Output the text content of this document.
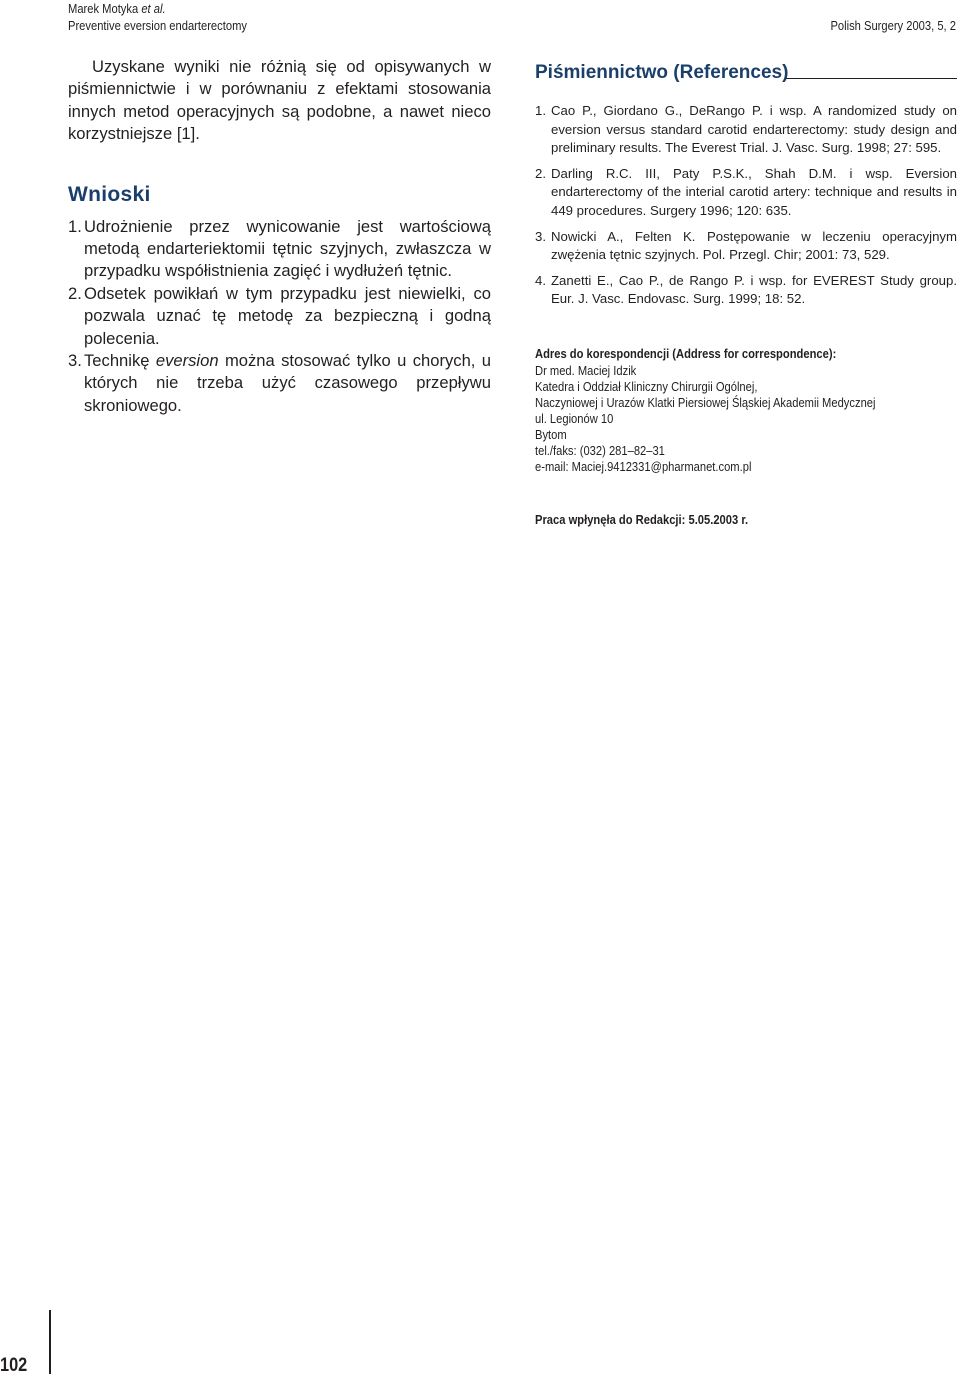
Marek Motyka et al.
Preventive eversion endarterectomy	Polish Surgery 2003, 5, 2

Uzyskane wyniki nie różnią się od opisywanych w piśmiennictwie i w porównaniu z efektami stosowania innych metod operacyjnych są podobne, a nawet nieco korzystniejsze [1].

Wnioski
1. Udrożnienie przez wynicowanie jest wartościową metodą endarteriektomii tętnic szyjnych, zwłaszcza w przypadku współistnienia zagięć i wydłużeń tętnic.
2. Odsetek powikłań w tym przypadku jest niewielki, co pozwala uznać tę metodę za bezpieczną i godną polecenia.
3. Technikę eversion można stosować tylko u chorych, u których nie trzeba użyć czasowego przepływu skroniowego.
Piśmiennictwo (References)
1. Cao P., Giordano G., DeRango P. i wsp. A randomized study on eversion versus standard carotid endarterectomy: study design and preliminary results. The Everest Trial. J. Vasc. Surg. 1998; 27: 595.
2. Darling R.C. III, Paty P.S.K., Shah D.M. i wsp. Eversion endarterectomy of the interial carotid artery: technique and results in 449 procedures. Surgery 1996; 120: 635.
3. Nowicki A., Felten K. Postępowanie w leczeniu operacyjnym zwężenia tętnic szyjnych. Pol. Przegl. Chir; 2001: 73, 529.
4. Zanetti E., Cao P., de Rango P. i wsp. for EVEREST Study group. Eur. J. Vasc. Endovasc. Surg. 1999; 18: 52.
Adres do korespondencji (Address for correspondence):
Dr med. Maciej Idzik
Katedra i Oddział Kliniczny Chirurgii Ogólnej,
Naczyniowej i Urazów Klatki Piersiowej Śląskiej Akademii Medycznej
ul. Legionów 10
Bytom
tel./faks: (032) 281–82–31
e-mail: Maciej.9412331@pharmanet.com.pl
Praca wpłynęła do Redakcji: 5.05.2003 r.
102
